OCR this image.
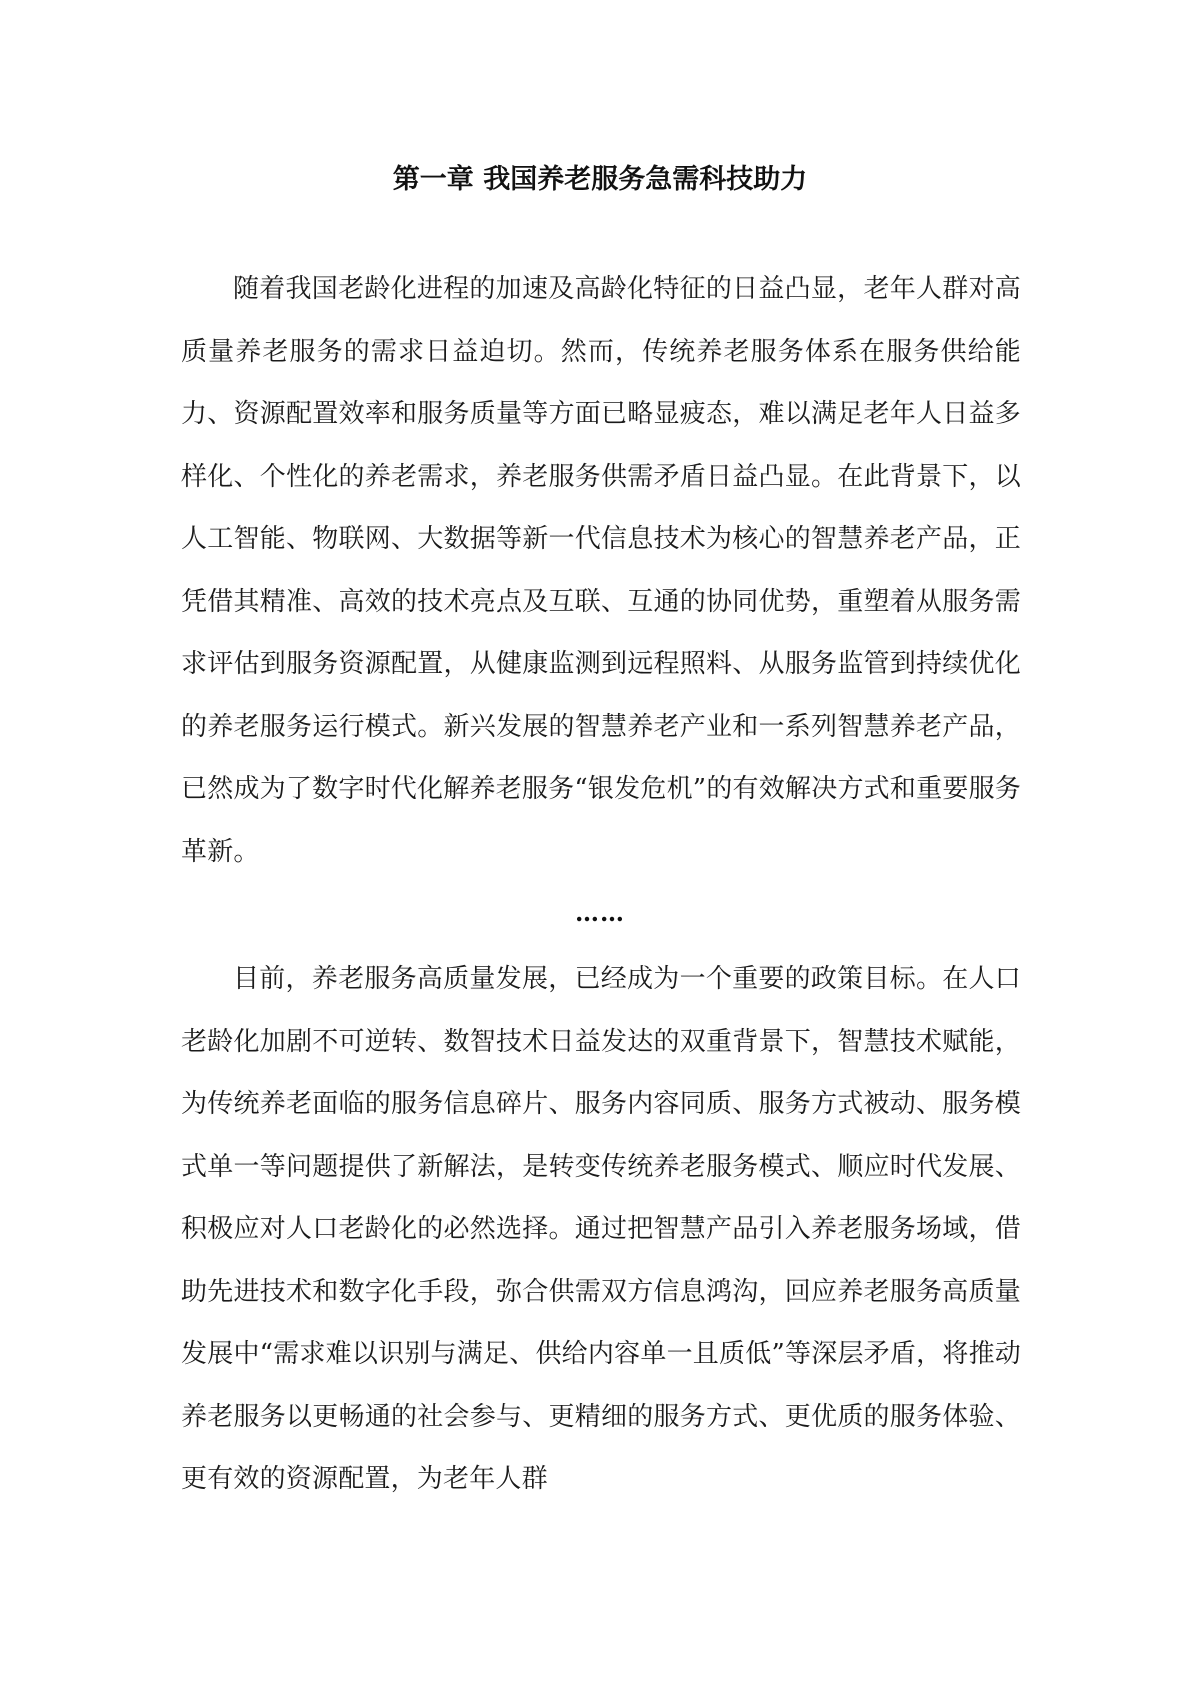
第一章 我国养老服务急需科技助力

随着我国老龄化进程的加速及高龄化特征的日益凸显，老年人群对高质量养老服务的需求日益迫切。然而，传统养老服务体系在服务供给能力、资源配置效率和服务质量等方面已略显疲态，难以满足老年人日益多样化、个性化的养老需求，养老服务供需矛盾日益凸显。在此背景下，以人工智能、物联网、大数据等新一代信息技术为核心的智慧养老产品，正凭借其精准、高效的技术亮点及互联、互通的协同优势，重塑着从服务需求评估到服务资源配置，从健康监测到远程照料、从服务监管到持续优化的养老服务运行模式。新兴发展的智慧养老产业和一系列智慧养老产品，已然成为了数字时代化解养老服务“银发危机”的有效解决方式和重要服务革新。

……

目前，养老服务高质量发展，已经成为一个重要的政策目标。在人口老龄化加剧不可逆转、数智技术日益发达的双重背景下，智慧技术赋能，为传统养老面临的服务信息碎片、服务内容同质、服务方式被动、服务模式单一等问题提供了新解法，是转变传统养老服务模式、顺应时代发展、积极应对人口老龄化的必然选择。通过把智慧产品引入养老服务场域，借助先进技术和数字化手段，弥合供需双方信息鸿沟，回应养老服务高质量发展中“需求难以识别与满足、供给内容单一且质低”等深层矛盾，将推动养老服务以更畅通的社会参与、更精细的服务方式、更优质的服务体验、更有效的资源配置，为老年人群
